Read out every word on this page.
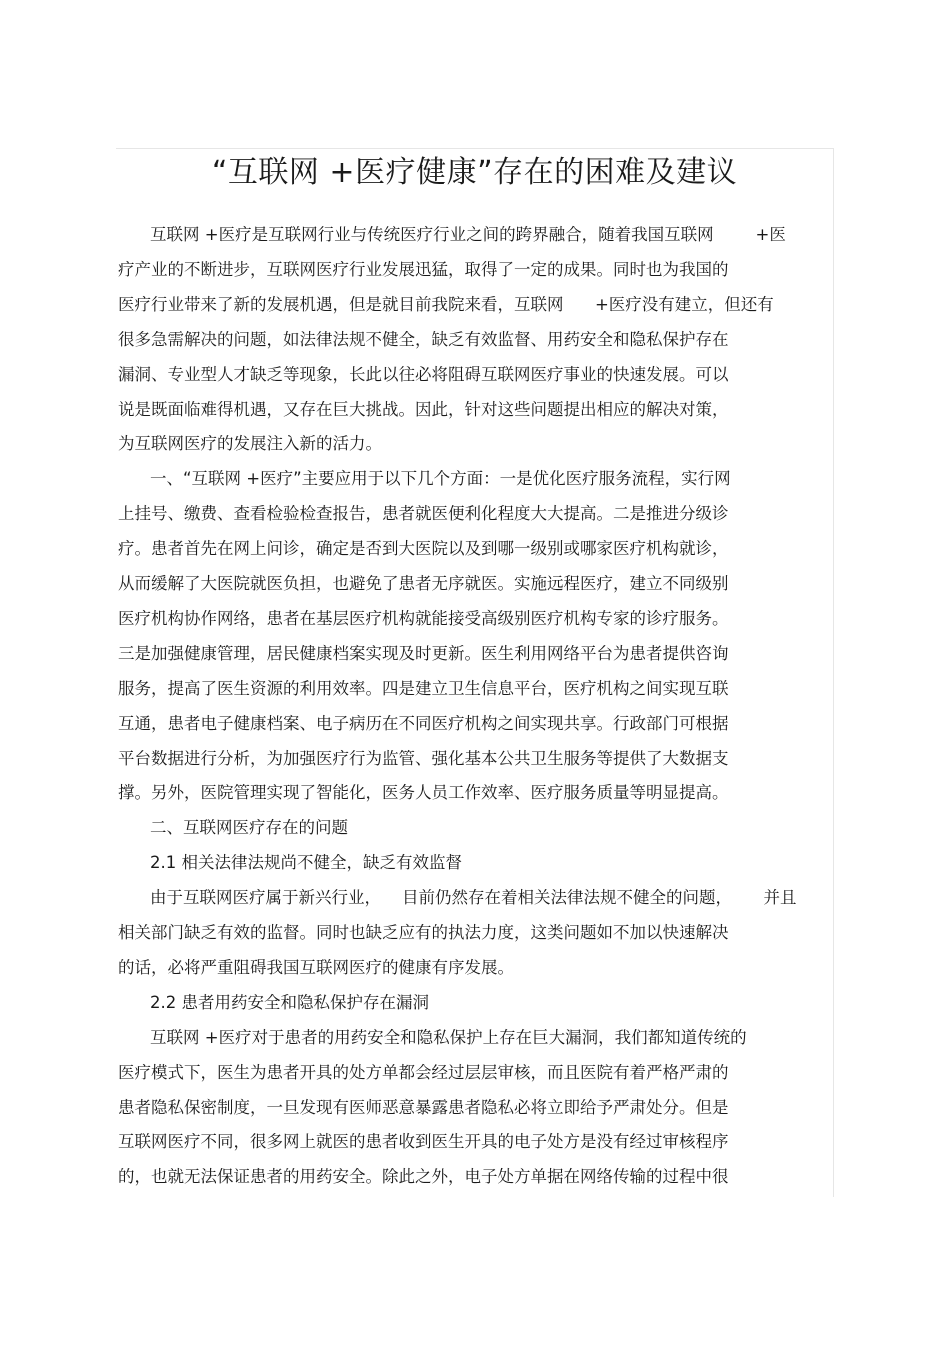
“互联网 +医疗健康”存在的困难及建议

互联网 +医疗是互联网行业与传统医疗行业之间的跨界融合，随着我国互联网        +医

疗产业的不断进步，互联网医疗行业发展迅猛，取得了一定的成果。同时也为我国的

医疗行业带来了新的发展机遇，但是就目前我院来看，互联网      +医疗没有建立，但还有

很多急需解决的问题，如法律法规不健全，缺乏有效监督、用药安全和隐私保护存在

漏洞、专业型人才缺乏等现象，长此以往必将阻碍互联网医疗事业的快速发展。可以

说是既面临难得机遇，又存在巨大挑战。因此，针对这些问题提出相应的解决对策，

为互联网医疗的发展注入新的活力。

一、“互联网 +医疗”主要应用于以下几个方面：一是优化医疗服务流程，实行网

上挂号、缴费、查看检验检查报告，患者就医便利化程度大大提高。二是推进分级诊

疗。患者首先在网上问诊，确定是否到大医院以及到哪一级别或哪家医疗机构就诊，

从而缓解了大医院就医负担，也避免了患者无序就医。实施远程医疗，建立不同级别

医疗机构协作网络，患者在基层医疗机构就能接受高级别医疗机构专家的诊疗服务。

三是加强健康管理，居民健康档案实现及时更新。医生利用网络平台为患者提供咨询

服务，提高了医生资源的利用效率。四是建立卫生信息平台，医疗机构之间实现互联

互通，患者电子健康档案、电子病历在不同医疗机构之间实现共享。行政部门可根据

平台数据进行分析，为加强医疗行为监管、强化基本公共卫生服务等提供了大数据支

撑。另外，医院管理实现了智能化，医务人员工作效率、医疗服务质量等明显提高。

二、互联网医疗存在的问题

2.1 相关法律法规尚不健全，缺乏有效监督

由于互联网医疗属于新兴行业，    目前仍然存在着相关法律法规不健全的问题，      并且

相关部门缺乏有效的监督。同时也缺乏应有的执法力度，这类问题如不加以快速解决

的话，必将严重阻碍我国互联网医疗的健康有序发展。

2.2 患者用药安全和隐私保护存在漏洞

互联网 +医疗对于患者的用药安全和隐私保护上存在巨大漏洞，我们都知道传统的

医疗模式下，医生为患者开具的处方单都会经过层层审核，而且医院有着严格严肃的

患者隐私保密制度，一旦发现有医师恶意暴露患者隐私必将立即给予严肃处分。但是

互联网医疗不同，很多网上就医的患者收到医生开具的电子处方是没有经过审核程序

的，也就无法保证患者的用药安全。除此之外，电子处方单据在网络传输的过程中很
